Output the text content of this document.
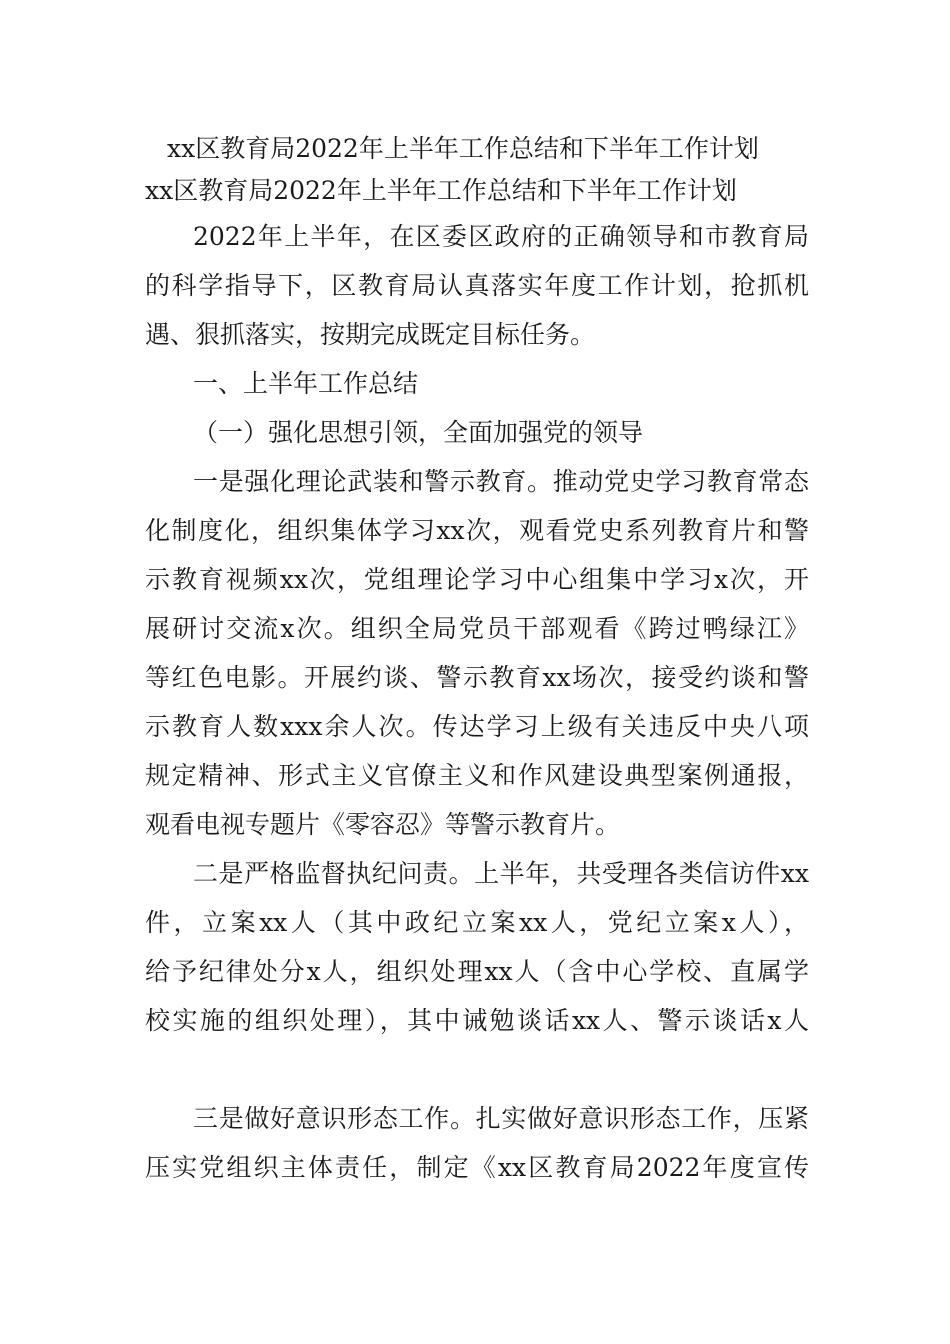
xx区教育局2022年上半年工作总结和下半年工作计划
xx区教育局2022年上半年工作总结和下半年工作计划
2022年上半年，在区委区政府的正确领导和市教育局
的科学指导下，区教育局认真落实年度工作计划，抢抓机
遇、狠抓落实，按期完成既定目标任务。
一、上半年工作总结
（一）强化思想引领，全面加强党的领导
一是强化理论武装和警示教育。推动党史学习教育常态
化制度化，组织集体学习xx次，观看党史系列教育片和警
示教育视频xx次，党组理论学习中心组集中学习x次，开
展研讨交流x次。组织全局党员干部观看《跨过鸭绿江》
等红色电影。开展约谈、警示教育xx场次，接受约谈和警
示教育人数xxx余人次。传达学习上级有关违反中央八项
规定精神、形式主义官僚主义和作风建设典型案例通报，
观看电视专题片《零容忍》等警示教育片。
二是严格监督执纪问责。上半年，共受理各类信访件xx
件，立案xx人（其中政纪立案xx人，党纪立案x人），
给予纪律处分x人，组织处理xx人（含中心学校、直属学
校实施的组织处理），其中诫勉谈话xx人、警示谈话x人
三是做好意识形态工作。扎实做好意识形态工作，压紧
压实党组织主体责任，制定《xx区教育局2022年度宣传
